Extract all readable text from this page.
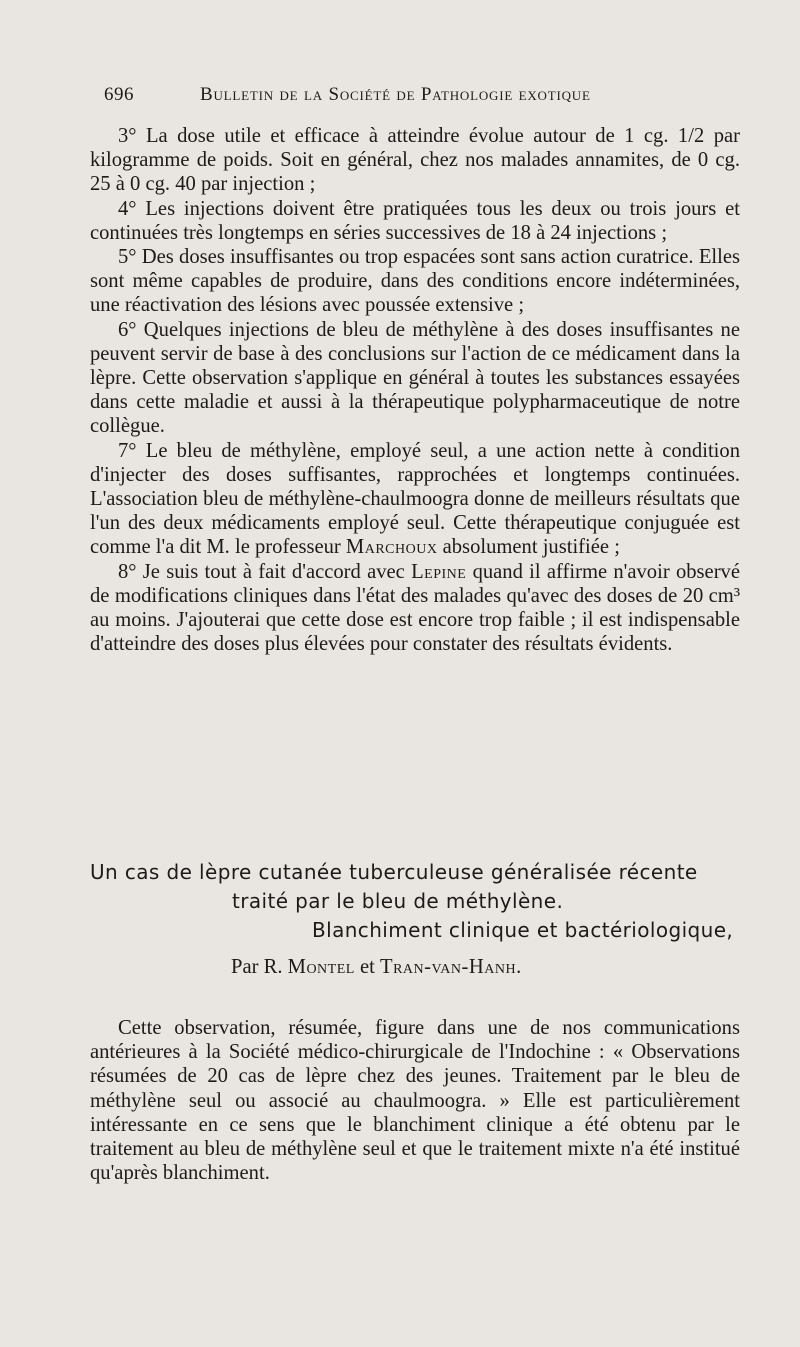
696	Bulletin de la Société de Pathologie exotique

3° La dose utile et efficace à atteindre évolue autour de 1 cg. 1/2 par kilogramme de poids. Soit en général, chez nos malades annamites, de 0 cg. 25 à 0 cg. 40 par injection ;

4° Les injections doivent être pratiquées tous les deux ou trois jours et continuées très longtemps en séries successives de 18 à 24 injections ;

5° Des doses insuffisantes ou trop espacées sont sans action curatrice. Elles sont même capables de produire, dans des conditions encore indéterminées, une réactivation des lésions avec poussée extensive ;

6° Quelques injections de bleu de méthylène à des doses insuffisantes ne peuvent servir de base à des conclusions sur l'action de ce médicament dans la lèpre. Cette observation s'applique en général à toutes les substances essayées dans cette maladie et aussi à la thérapeutique polypharmaceutique de notre collègue.

7° Le bleu de méthylène, employé seul, a une action nette à condition d'injecter des doses suffisantes, rapprochées et longtemps continuées. L'association bleu de méthylène-chaulmoogra donne de meilleurs résultats que l'un des deux médicaments employé seul. Cette thérapeutique conjuguée est comme l'a dit M. le professeur Marchoux absolument justifiée ;

8° Je suis tout à fait d'accord avec Lepine quand il affirme n'avoir observé de modifications cliniques dans l'état des malades qu'avec des doses de 20 cm³ au moins. J'ajouterai que cette dose est encore trop faible ; il est indispensable d'atteindre des doses plus élevées pour constater des résultats évidents.

Un cas de lèpre cutanée tuberculeuse généralisée récente
traité par le bleu de méthylène.
Blanchiment clinique et bactériologique,
Par R. Montel et Tran-van-Hanh.

Cette observation, résumée, figure dans une de nos communications antérieures à la Société médico-chirurgicale de l'Indochine : « Observations résumées de 20 cas de lèpre chez des jeunes. Traitement par le bleu de méthylène seul ou associé au chaulmoogra. » Elle est particulièrement intéressante en ce sens que le blanchiment clinique a été obtenu par le traitement au bleu de méthylène seul et que le traitement mixte n'a été institué qu'après blanchiment.
